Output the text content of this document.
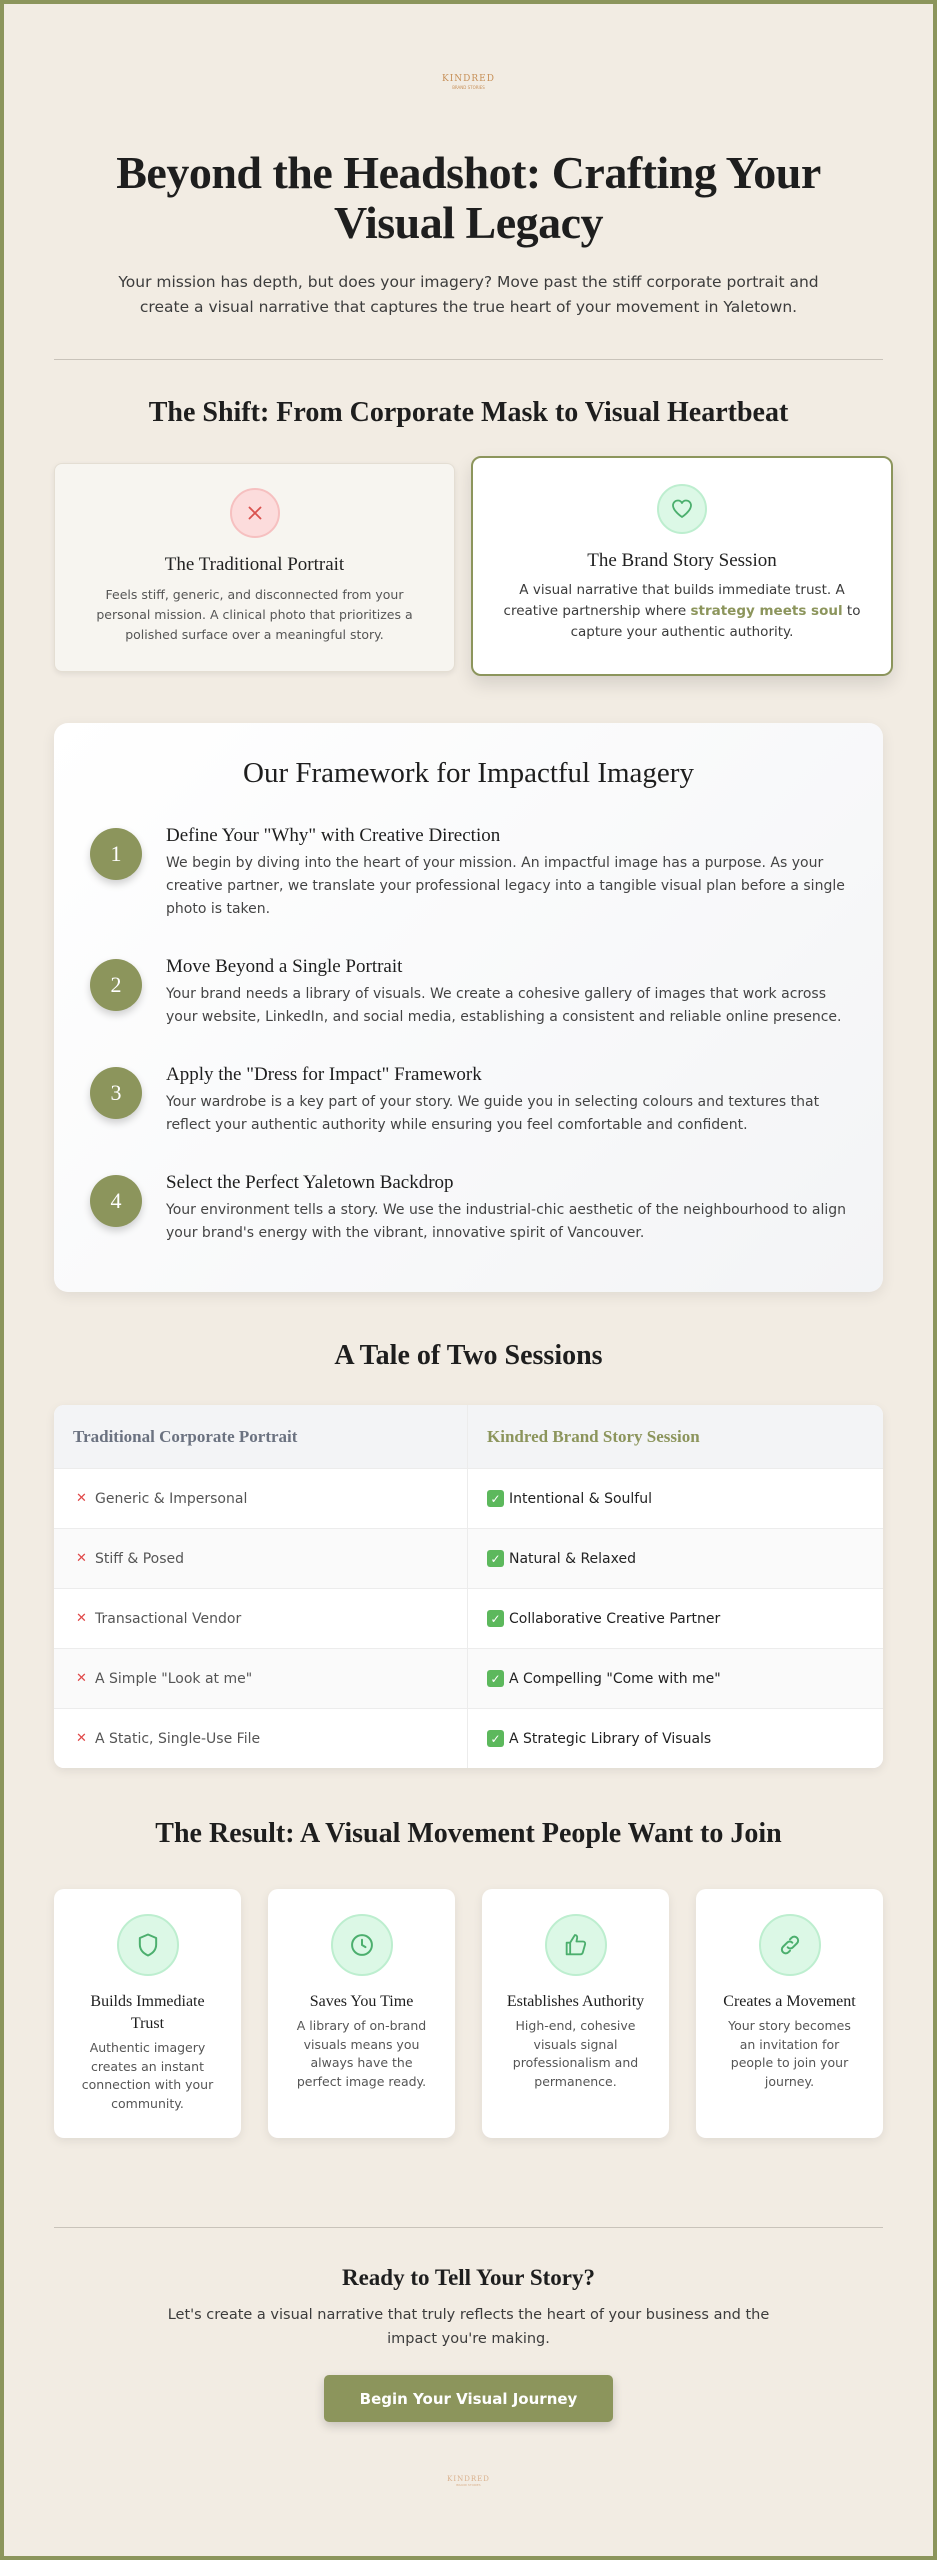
KINDRED
BRAND STORIES
Beyond the Headshot: Crafting Your Visual Legacy

Your mission has depth, but does your imagery? Move past the stiff corporate portrait and create a visual narrative that captures the true heart of your movement in Yaletown.

The Shift: From Corporate Mask to Visual Heartbeat
The Traditional Portrait
Feels stiff, generic, and disconnected from your personal mission. A clinical photo that prioritizes a polished surface over a meaningful story.
The Brand Story Session
A visual narrative that builds immediate trust. A creative partnership where strategy meets soul to capture your authentic authority.
Our Framework for Impactful Imagery
1
Define Your "Why" with Creative Direction
We begin by diving into the heart of your mission. An impactful image has a purpose. As your creative partner, we translate your professional legacy into a tangible visual plan before a single photo is taken.
2
Move Beyond a Single Portrait
Your brand needs a library of visuals. We create a cohesive gallery of images that work across your website, LinkedIn, and social media, establishing a consistent and reliable online presence.
3
Apply the "Dress for Impact" Framework
Your wardrobe is a key part of your story. We guide you in selecting colours and textures that reflect your authentic authority while ensuring you feel comfortable and confident.
4
Select the Perfect Yaletown Backdrop
Your environment tells a story. We use the industrial-chic aesthetic of the neighbourhood to align your brand's energy with the vibrant, innovative spirit of Vancouver.
A Tale of Two Sessions
Traditional Corporate Portrait	Kindred Brand Story Session
✕ Generic & Impersonal	✓ Intentional & Soulful
✕ Stiff & Posed	✓ Natural & Relaxed
✕ Transactional Vendor	✓ Collaborative Creative Partner
✕ A Simple "Look at me"	✓ A Compelling "Come with me"
✕ A Static, Single-Use File	✓ A Strategic Library of Visuals
The Result: A Visual Movement People Want to Join
Builds Immediate Trust
Authentic imagery creates an instant connection with your community.
Saves You Time
A library of on-brand visuals means you always have the perfect image ready.
Establishes Authority
High-end, cohesive visuals signal professionalism and permanence.
Creates a Movement
Your story becomes an invitation for people to join your journey.
Ready to Tell Your Story?

Let's create a visual narrative that truly reflects the heart of your business and the impact you're making.

Begin Your Visual Journey
KINDRED
BRAND STORIES
